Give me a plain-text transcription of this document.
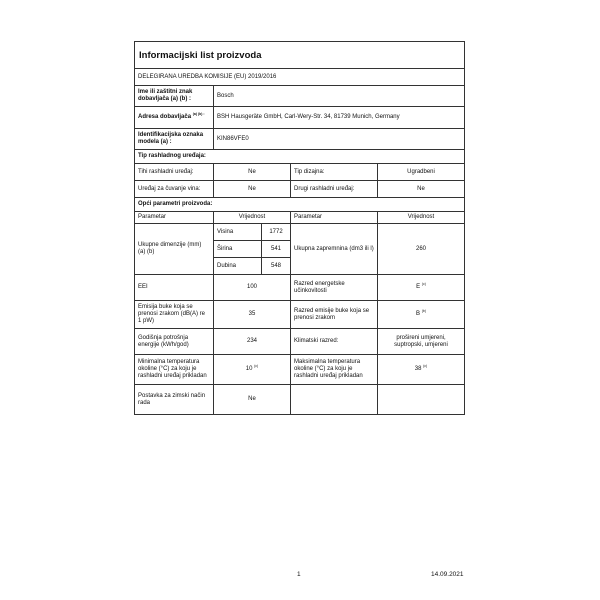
Informacijski list proizvoda				
DELEGIRANA UREDBA KOMISIJE (EU) 2019/2016				
Ime ili zaštitni znak dobavljača (a) (b) :	Bosch			
Adresa dobavljača $^{(a) (b) :}$	BSH Hausgeräte GmbH, Carl-Wery-Str. 34, 81739 Munich, Germany			
Identifikacijska oznaka modela (a) :	KIN86VFE0			
Tip rashladnog uređaja:				
Tihi rashladni uređaj:	Ne		Tip dizajna:	Ugradbeni
Uređaj za čuvanje vina:	Ne		Drugi rashladni uređaj:	Ne
Opći parametri proizvoda:				
Parametar	Vrijednost		Parametar	Vrijednost
Ukupne dimenzije (mm) (a) (b)	Visina	1772	Ukupna zapremnina (dm3 ili l)	260
	Širina	541		
	Dubina	548		
EEI	100		Razred energetske učinkovitosti	E $^{(c)}$
Emisija buke koja se prenosi zrakom (dB(A) re 1 pW)	35		Razred emisije buke koja se prenosi zrakom	B $^{(b)}$
Godišnja potrošnja energije (kWh/god)	234		Klimatski razred:	prošireni umjereni, suptropski, umjereni
Minimalna temperatura okoline (°C) za koju je rashladni uređaj prikladan	10 $^{(c)}$		Maksimalna temperatura okoline (°C) za koju je rashladni uređaj prikladan	38 $^{(c)}$
Postavka za zimski način rada	Ne			
1	14.09.2021
